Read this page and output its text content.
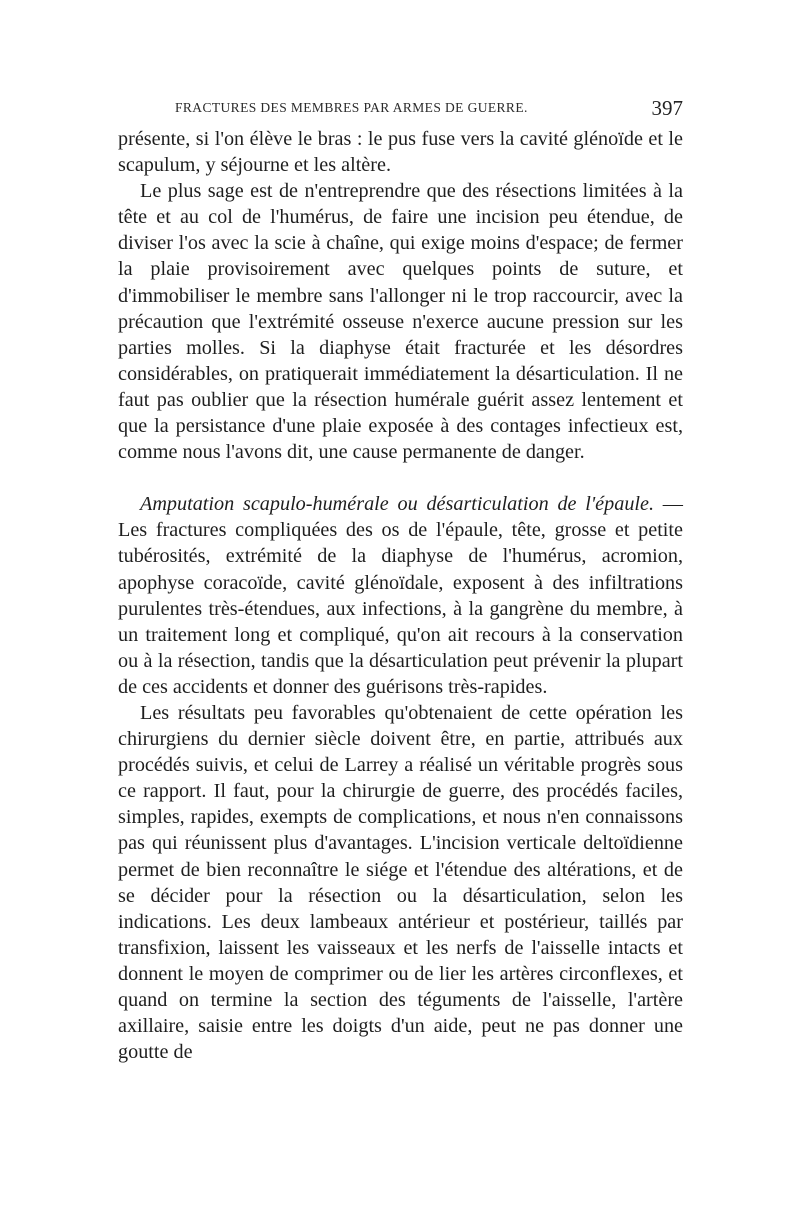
FRACTURES DES MEMBRES PAR ARMES DE GUERRE.	397

présente, si l'on élève le bras : le pus fuse vers la cavité glénoïde et le scapulum, y séjourne et les altère.

Le plus sage est de n'entreprendre que des résections limitées à la tête et au col de l'humérus, de faire une incision peu étendue, de diviser l'os avec la scie à chaîne, qui exige moins d'espace; de fermer la plaie provisoirement avec quelques points de suture, et d'immobiliser le membre sans l'allonger ni le trop raccourcir, avec la précaution que l'extrémité osseuse n'exerce aucune pression sur les parties molles. Si la diaphyse était fracturée et les désordres considérables, on pratiquerait immédiatement la désarticulation. Il ne faut pas oublier que la résection humérale guérit assez lentement et que la persistance d'une plaie exposée à des contages infectieux est, comme nous l'avons dit, une cause permanente de danger.

Amputation scapulo-humérale ou désarticulation de l'épaule. — Les fractures compliquées des os de l'épaule, tête, grosse et petite tubérosités, extrémité de la diaphyse de l'humérus, acromion, apophyse coracoïde, cavité glénoïdale, exposent à des infiltrations purulentes très-étendues, aux infections, à la gangrène du membre, à un traitement long et compliqué, qu'on ait recours à la conservation ou à la résection, tandis que la désarticulation peut prévenir la plupart de ces accidents et donner des guérisons très-rapides.

Les résultats peu favorables qu'obtenaient de cette opération les chirurgiens du dernier siècle doivent être, en partie, attribués aux procédés suivis, et celui de Larrey a réalisé un véritable progrès sous ce rapport. Il faut, pour la chirurgie de guerre, des procédés faciles, simples, rapides, exempts de complications, et nous n'en connaissons pas qui réunissent plus d'avantages. L'incision verticale deltoïdienne permet de bien reconnaître le siége et l'étendue des altérations, et de se décider pour la résection ou la désarticulation, selon les indications. Les deux lambeaux antérieur et postérieur, taillés par transfixion, laissent les vaisseaux et les nerfs de l'aisselle intacts et donnent le moyen de comprimer ou de lier les artères circonflexes, et quand on termine la section des téguments de l'aisselle, l'artère axillaire, saisie entre les doigts d'un aide, peut ne pas donner une goutte de
